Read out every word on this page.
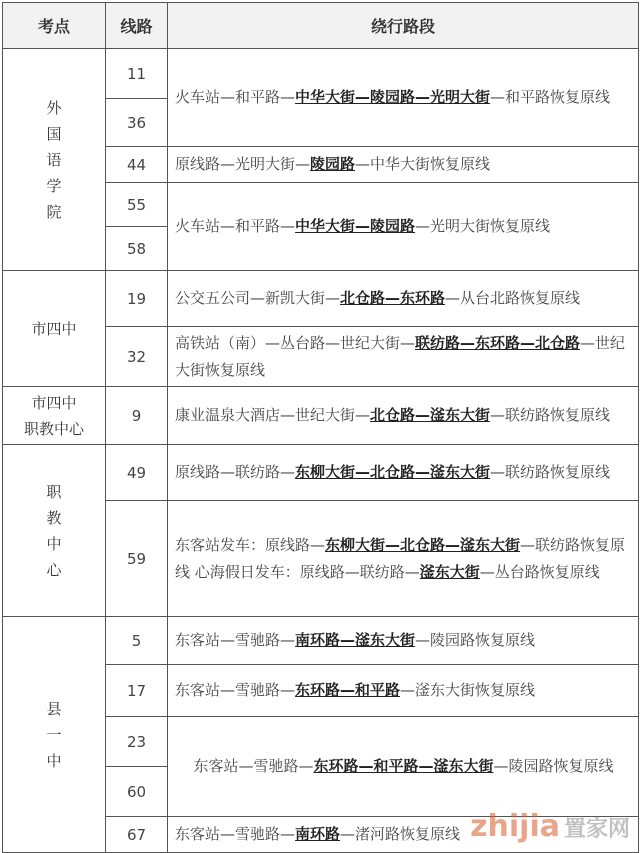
考点	线路	绕行路段

外
国
语
学
院	11	火车站—和平路—中华大街—陵园路—光明大街—和平路恢复原线
	36	
	44	原线路—光明大街—陵园路—中华大街恢复原线
	55	火车站—和平路—中华大街—陵园路—光明大街恢复原线
	58	

市四中	19	公交五公司—新凯大街—北仓路—东环路—从台北路恢复原线
	32	高铁站（南）—丛台路—世纪大街—联纺路—东环路—北仓路—世纪大街恢复原线

市四中
职教中心	9	康业温泉大酒店—世纪大街—北仓路—滏东大街—联纺路恢复原线

职
教
中
心	49	原线路—联纺路—东柳大街—北仓路—滏东大街—联纺路恢复原线
	59	东客站发车：原线路—东柳大街—北仓路—滏东大街—联纺路恢复原线 心海假日发车：原线路—联纺路—滏东大街—丛台路恢复原线

县
一
中	5	东客站—雪驰路—南环路—滏东大街—陵园路恢复原线
	17	东客站—雪驰路—东环路—和平路—滏东大街恢复原线
	23	东客站—雪驰路—东环路—和平路—滏东大街—陵园路恢复原线
	60	
	67	东客站—雪驰路—南环路—渚河路恢复原线 zhijia 置家网
